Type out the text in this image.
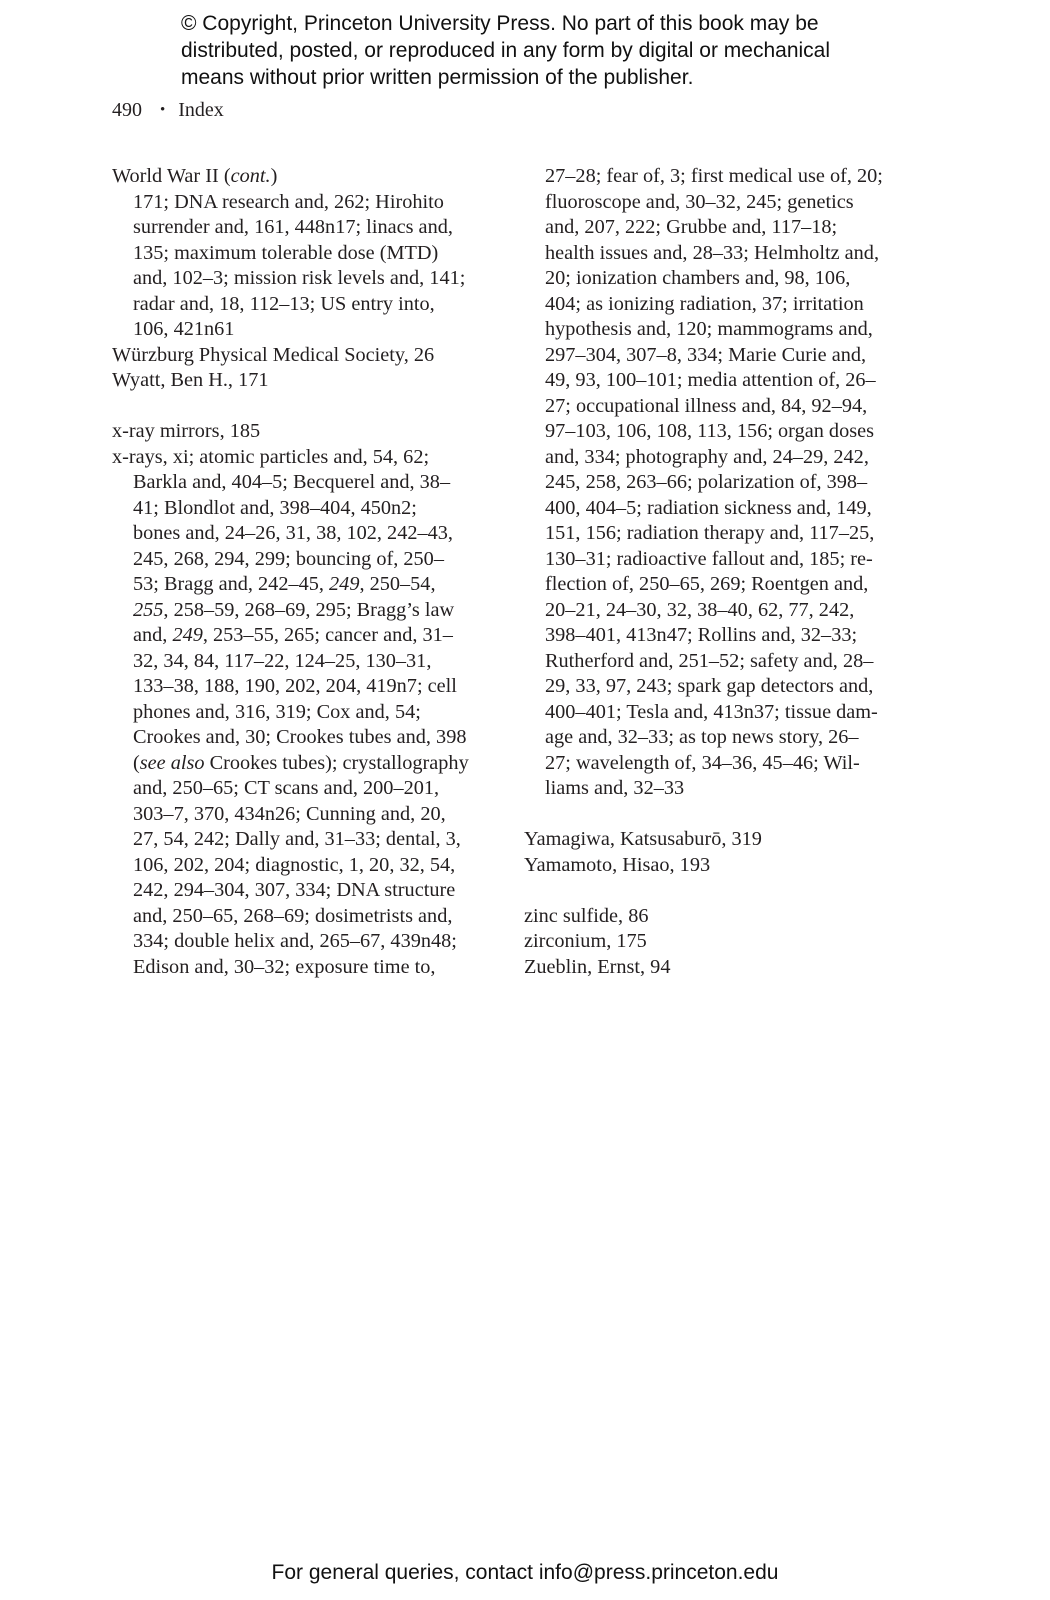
© Copyright, Princeton University Press. No part of this book may be
distributed, posted, or reproduced in any form by digital or mechanical
means without prior written permission of the publisher.
490 • Index
World War II (cont.)
171; DNA research and, 262; Hirohito
surrender and, 161, 448n17; linacs and,
135; maximum tolerable dose (MTD)
and, 102–3; mission risk levels and, 141;
radar and, 18, 112–13; US entry into,
106, 421n61
Würzburg Physical Medical Society, 26
Wyatt, Ben H., 171
x-ray mirrors, 185
x-rays, xi; atomic particles and, 54, 62;
Barkla and, 404–5; Becquerel and, 38–
41; Blondlot and, 398–404, 450n2;
bones and, 24–26, 31, 38, 102, 242–43,
245, 268, 294, 299; bouncing of, 250–
53; Bragg and, 242–45, 249, 250–54,
255, 258–59, 268–69, 295; Bragg’s law
and, 249, 253–55, 265; cancer and, 31–
32, 34, 84, 117–22, 124–25, 130–31,
133–38, 188, 190, 202, 204, 419n7; cell
phones and, 316, 319; Cox and, 54;
Crookes and, 30; Crookes tubes and, 398
(see also Crookes tubes); crystallography
and, 250–65; CT scans and, 200–201,
303–7, 370, 434n26; Cunning and, 20,
27, 54, 242; Dally and, 31–33; dental, 3,
106, 202, 204; diagnostic, 1, 20, 32, 54,
242, 294–304, 307, 334; DNA structure
and, 250–65, 268–69; dosimetrists and,
334; double helix and, 265–67, 439n48;
Edison and, 30–32; exposure time to,
27–28; fear of, 3; first medical use of, 20;
fluoroscope and, 30–32, 245; genetics
and, 207, 222; Grubbe and, 117–18;
health issues and, 28–33; Helmholtz and,
20; ionization chambers and, 98, 106,
404; as ionizing radiation, 37; irritation
hypothesis and, 120; mammograms and,
297–304, 307–8, 334; Marie Curie and,
49, 93, 100–101; media attention of, 26–
27; occupational illness and, 84, 92–94,
97–103, 106, 108, 113, 156; organ doses
and, 334; photography and, 24–29, 242,
245, 258, 263–66; polarization of, 398–
400, 404–5; radiation sickness and, 149,
151, 156; radiation therapy and, 117–25,
130–31; radioactive fallout and, 185; re-
flection of, 250–65, 269; Roentgen and,
20–21, 24–30, 32, 38–40, 62, 77, 242,
398–401, 413n47; Rollins and, 32–33;
Rutherford and, 251–52; safety and, 28–
29, 33, 97, 243; spark gap detectors and,
400–401; Tesla and, 413n37; tissue dam-
age and, 32–33; as top news story, 26–
27; wavelength of, 34–36, 45–46; Wil-
liams and, 32–33
Yamagiwa, Katsusaburō, 319
Yamamoto, Hisao, 193
zinc sulfide, 86
zirconium, 175
Zueblin, Ernst, 94
For general queries, contact info@press.princeton.edu
